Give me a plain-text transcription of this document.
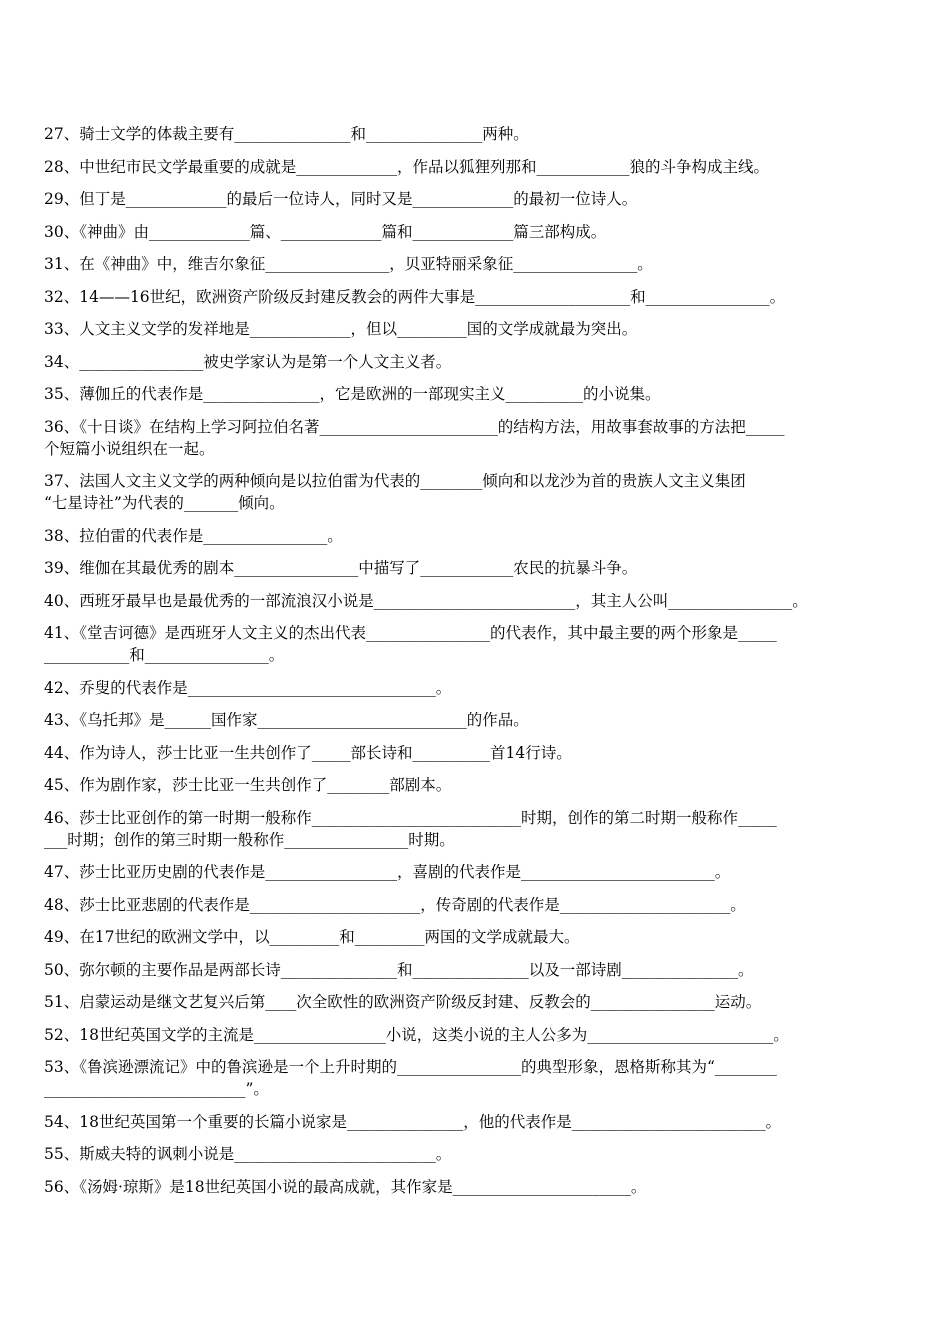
27、骑士文学的体裁主要有_______________和_______________两种。
28、中世纪市民文学最重要的成就是_____________，作品以狐狸列那和____________狼的斗争构成主线。
29、但丁是_____________的最后一位诗人，同时又是_____________的最初一位诗人。
30、《神曲》由_____________篇、_____________篇和_____________篇三部构成。
31、在《神曲》中，维吉尔象征________________，贝亚特丽采象征________________。
32、14——16世纪，欧洲资产阶级反封建反教会的两件大事是____________________和________________。
33、人文主义文学的发祥地是_____________，但以_________国的文学成就最为突出。
34、________________被史学家认为是第一个人文主义者。
35、薄伽丘的代表作是_______________，它是欧洲的一部现实主义__________的小说集。
36、《十日谈》在结构上学习阿拉伯名著_______________________的结构方法，用故事套故事的方法把_____
个短篇小说组织在一起。
37、法国人文主义文学的两种倾向是以拉伯雷为代表的________倾向和以龙沙为首的贵族人文主义集团
“七星诗社”为代表的_______倾向。
38、拉伯雷的代表作是________________。
39、维伽在其最优秀的剧本________________中描写了____________农民的抗暴斗争。
40、西班牙最早也是最优秀的一部流浪汉小说是__________________________，其主人公叫________________。
41、《堂吉诃德》是西班牙人文主义的杰出代表________________的代表作，其中最主要的两个形象是_____
___________和________________。
42、乔叟的代表作是________________________________。
43、《乌托邦》是______国作家___________________________的作品。
44、作为诗人，莎士比亚一生共创作了_____部长诗和__________首14行诗。
45、作为剧作家，莎士比亚一生共创作了________部剧本。
46、莎士比亚创作的第一时期一般称作___________________________时期，创作的第二时期一般称作_____
___时期；创作的第三时期一般称作________________时期。
47、莎士比亚历史剧的代表作是_________________，喜剧的代表作是_________________________。
48、莎士比亚悲剧的代表作是______________________，传奇剧的代表作是______________________。
49、在17世纪的欧洲文学中，以_________和_________两国的文学成就最大。
50、弥尔顿的主要作品是两部长诗_______________和_______________以及一部诗剧_______________。
51、启蒙运动是继文艺复兴后第____次全欧性的欧洲资产阶级反封建、反教会的________________运动。
52、18世纪英国文学的主流是_________________小说，这类小说的主人公多为________________________。
53、《鲁滨逊漂流记》中的鲁滨逊是一个上升时期的________________的典型形象，恩格斯称其为“________
__________________________”。
54、18世纪英国第一个重要的长篇小说家是_______________，他的代表作是_________________________。
55、斯威夫特的讽刺小说是__________________________。
56、《汤姆·琼斯》是18世纪英国小说的最高成就，其作家是_______________________。
